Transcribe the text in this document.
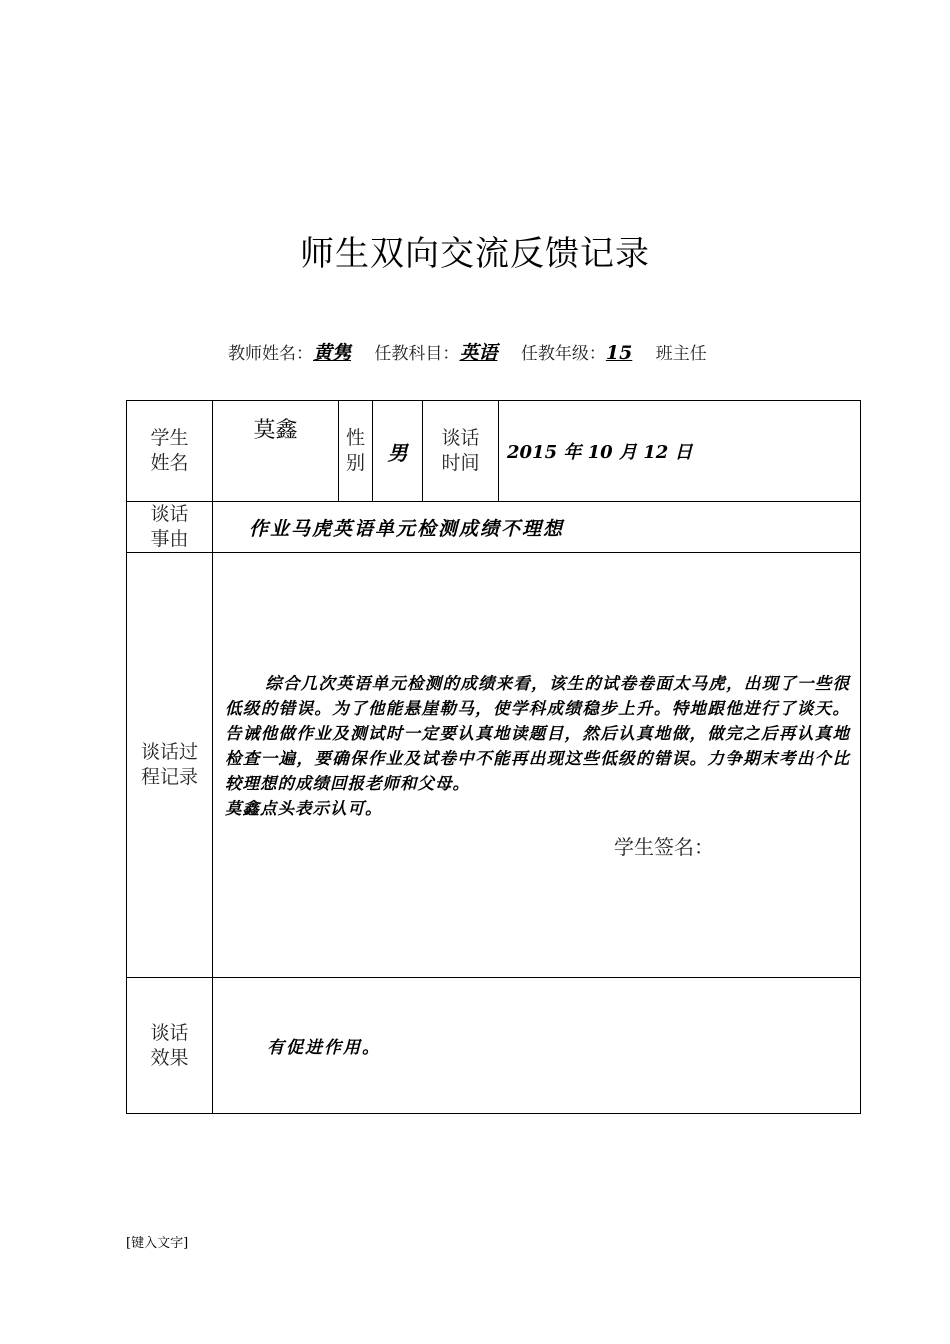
师生双向交流反馈记录
教师姓名：黄隽 任教科目：英语 任教年级：15 班主任
学生姓名	莫鑫	性别	男	谈话时间	2015 年 10 月 12 日

谈话事由	作业马虎英语单元检测成绩不理想				

谈话过程记录	综合几次英语单元检测的成绩来看，该生的试卷卷面太马虎，出现了一些很低级的错误。为了他能悬崖勒马，使学科成绩稳步上升。特地跟他进行了谈天。告诫他做作业及测试时一定要认真地读题目，然后认真地做，做完之后再认真地检查一遍，要确保作业及试卷中不能再出现这些低级的错误。力争期末考出个比较理想的成绩回报老师和父母。
莫鑫点头表示认可。
学生签名：				

谈话效果	有促进作用。				
[键入文字]
